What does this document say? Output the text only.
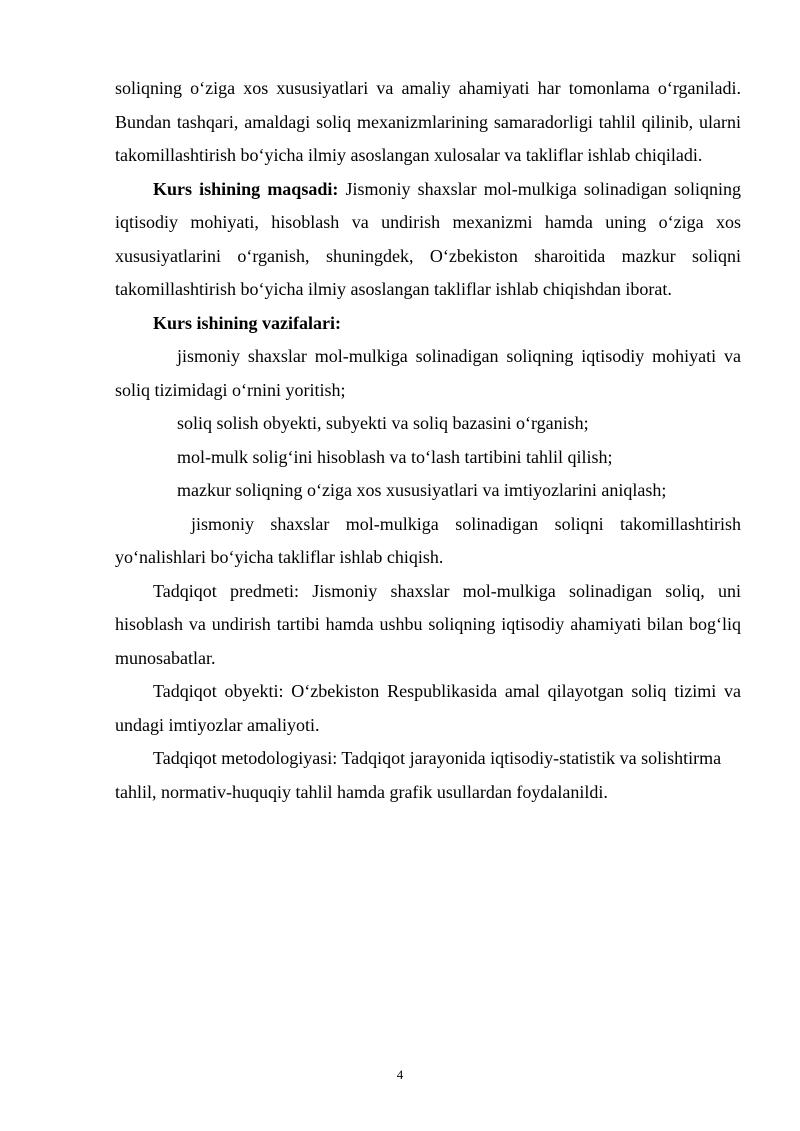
soliqning o‘ziga xos xususiyatlari va amaliy ahamiyati har tomonlama o‘rganiladi. Bundan tashqari, amaldagi soliq mexanizmlarining samaradorligi tahlil qilinib, ularni takomillashtirish bo‘yicha ilmiy asoslangan xulosalar va takliflar ishlab chiqiladi.

Kurs ishining maqsadi: Jismoniy shaxslar mol-mulkiga solinadigan soliqning iqtisodiy mohiyati, hisoblash va undirish mexanizmi hamda uning o‘ziga xos xususiyatlarini o‘rganish, shuningdek, O‘zbekiston sharoitida mazkur soliqni takomillashtirish bo‘yicha ilmiy asoslangan takliflar ishlab chiqishdan iborat.

Kurs ishining vazifalari:

jismoniy shaxslar mol-mulkiga solinadigan soliqning iqtisodiy mohiyati va soliq tizimidagi o‘rnini yoritish;

soliq solish obyekti, subyekti va soliq bazasini o‘rganish;

mol-mulk solig‘ini hisoblash va to‘lash tartibini tahlil qilish;

mazkur soliqning o‘ziga xos xususiyatlari va imtiyozlarini aniqlash;

jismoniy shaxslar mol-mulkiga solinadigan soliqni takomillashtirish yo‘nalishlari bo‘yicha takliflar ishlab chiqish.

Tadqiqot predmeti: Jismoniy shaxslar mol-mulkiga solinadigan soliq, uni hisoblash va undirish tartibi hamda ushbu soliqning iqtisodiy ahamiyati bilan bog‘liq munosabatlar.

Tadqiqot obyekti: O‘zbekiston Respublikasida amal qilayotgan soliq tizimi va undagi imtiyozlar amaliyoti.

Tadqiqot metodologiyasi: Tadqiqot jarayonida iqtisodiy-statistik va solishtirma tahlil, normativ-huquqiy tahlil hamda grafik usullardan foydalanildi.

4
